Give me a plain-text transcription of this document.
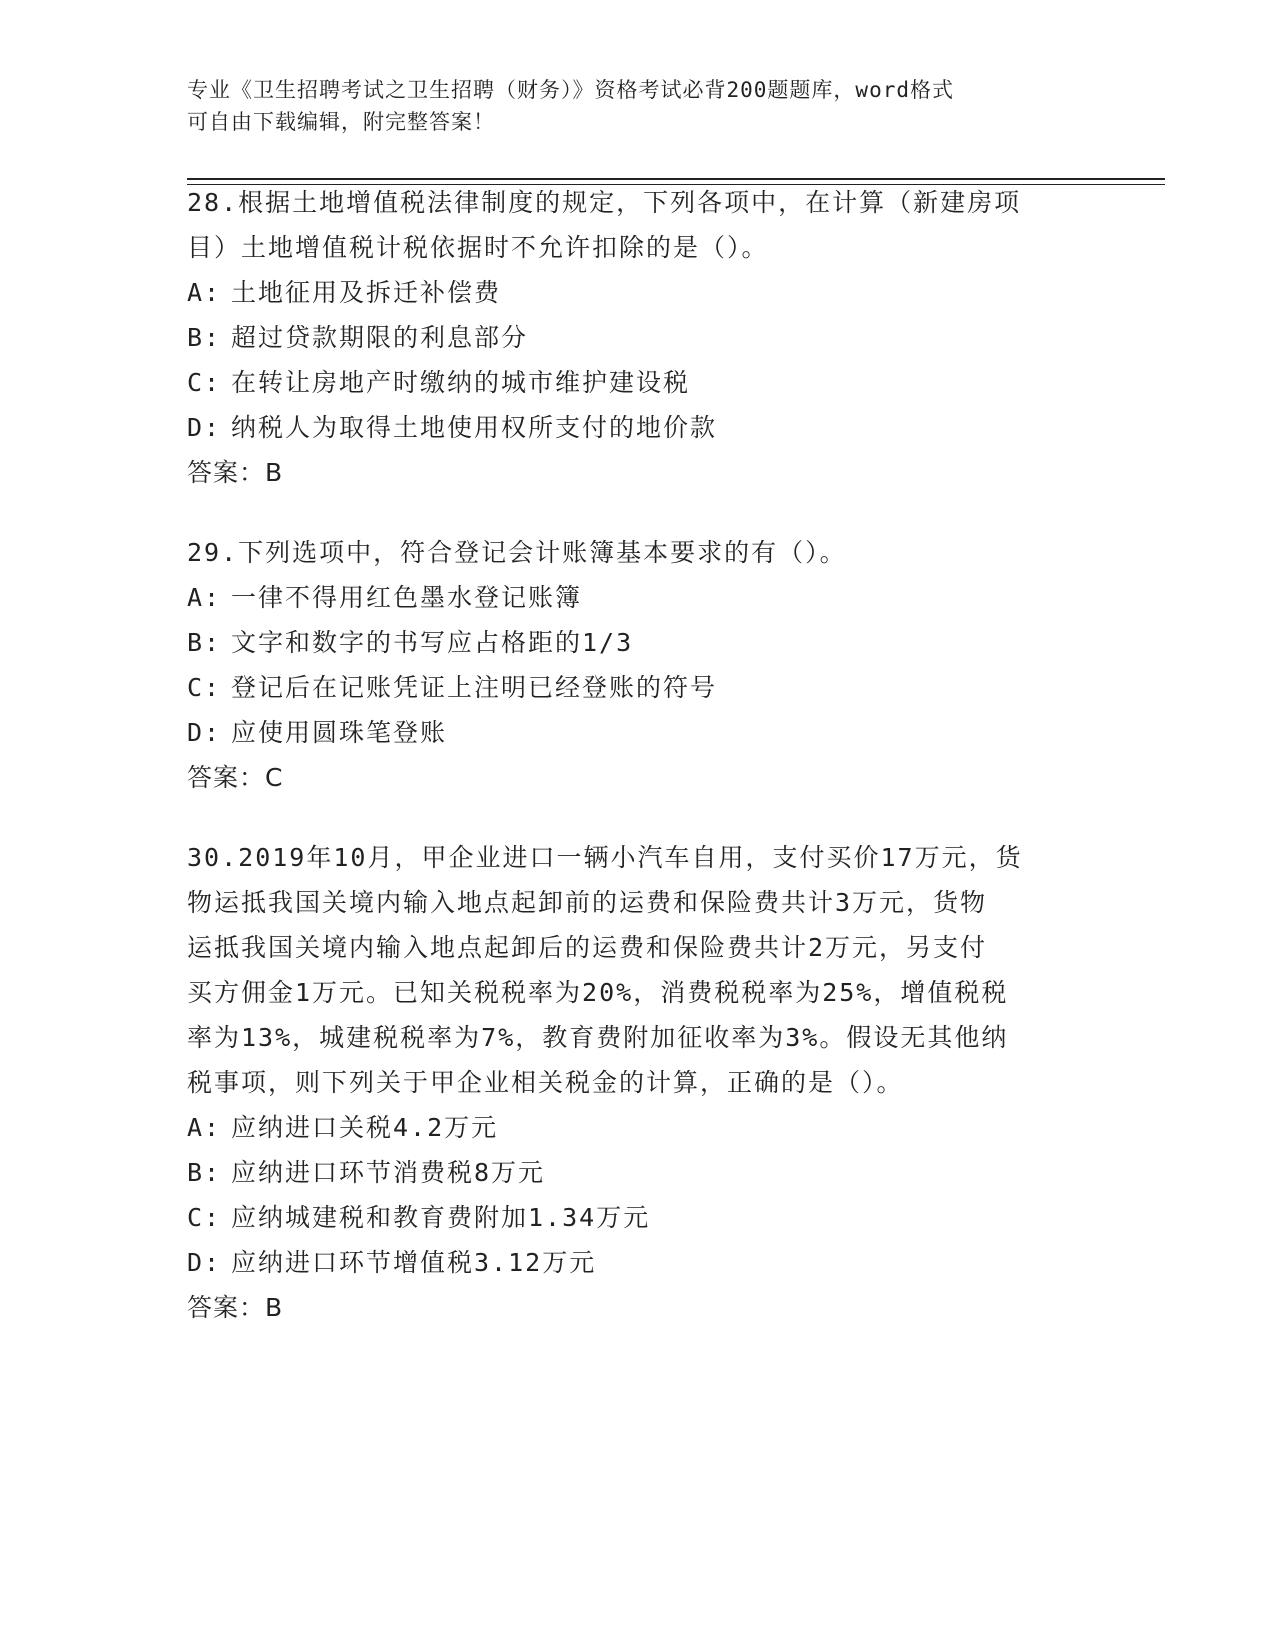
专业《卫生招聘考试之卫生招聘（财务）》资格考试必背200题题库，word格式
可自由下载编辑，附完整答案！

28.根据土地增值税法律制度的规定，下列各项中，在计算（新建房项

目）土地增值税计税依据时不允许扣除的是（）。

A: 土地征用及拆迁补偿费

B: 超过贷款期限的利息部分

C: 在转让房地产时缴纳的城市维护建设税

D: 纳税人为取得土地使用权所支付的地价款

答案：B

29.下列选项中，符合登记会计账簿基本要求的有（）。

A: 一律不得用红色墨水登记账簿

B: 文字和数字的书写应占格距的1/3

C: 登记后在记账凭证上注明已经登账的符号

D: 应使用圆珠笔登账

答案：C

30.2019年10月，甲企业进口一辆小汽车自用，支付买价17万元，货

物运抵我国关境内输入地点起卸前的运费和保险费共计3万元，货物

运抵我国关境内输入地点起卸后的运费和保险费共计2万元，另支付

买方佣金1万元。已知关税税率为20%，消费税税率为25%，增值税税

率为13%，城建税税率为7%，教育费附加征收率为3%。假设无其他纳

税事项，则下列关于甲企业相关税金的计算，正确的是（）。

A: 应纳进口关税4.2万元

B: 应纳进口环节消费税8万元

C: 应纳城建税和教育费附加1.34万元

D: 应纳进口环节增值税3.12万元

答案：B
